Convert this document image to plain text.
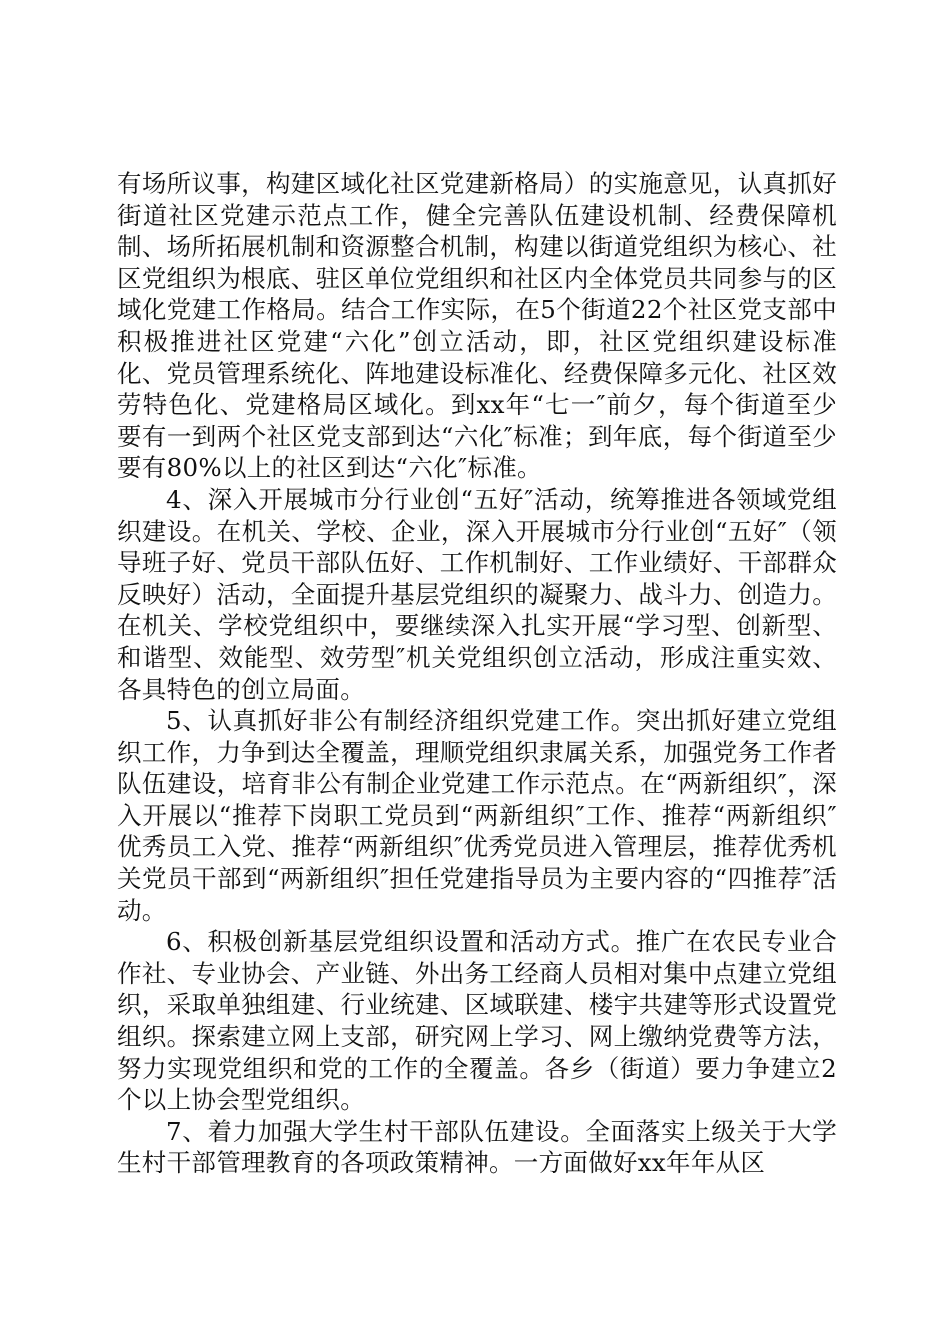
有场所议事，构建区域化社区党建新格局）的实施意见，认真抓好街道社区党建示范点工作，健全完善队伍建设机制、经费保障机制、场所拓展机制和资源整合机制，构建以街道党组织为核心、社区党组织为根底、驻区单位党组织和社区内全体党员共同参与的区域化党建工作格局。结合工作实际，在5个街道22个社区党支部中积极推进社区党建“六化”创立活动，即，社区党组织建设标准化、党员管理系统化、阵地建设标准化、经费保障多元化、社区效劳特色化、党建格局区域化。到xx年“七一″前夕，每个街道至少要有一到两个社区党支部到达“六化″标准；到年底，每个街道至少要有80%以上的社区到达“六化″标准。

4、深入开展城市分行业创“五好″活动，统筹推进各领域党组织建设。在机关、学校、企业，深入开展城市分行业创“五好″（领导班子好、党员干部队伍好、工作机制好、工作业绩好、干部群众反映好）活动，全面提升基层党组织的凝聚力、战斗力、创造力。在机关、学校党组织中，要继续深入扎实开展“学习型、创新型、和谐型、效能型、效劳型″机关党组织创立活动，形成注重实效、各具特色的创立局面。

5、认真抓好非公有制经济组织党建工作。突出抓好建立党组织工作，力争到达全覆盖，理顺党组织隶属关系，加强党务工作者队伍建设，培育非公有制企业党建工作示范点。在“两新组织″，深入开展以“推荐下岗职工党员到“两新组织″工作、推荐“两新组织″优秀员工入党、推荐“两新组织″优秀党员进入管理层，推荐优秀机关党员干部到“两新组织″担任党建指导员为主要内容的“四推荐″活动。

6、积极创新基层党组织设置和活动方式。推广在农民专业合作社、专业协会、产业链、外出务工经商人员相对集中点建立党组织，采取单独组建、行业统建、区域联建、楼宇共建等形式设置党组织。探索建立网上支部，研究网上学习、网上缴纳党费等方法，努力实现党组织和党的工作的全覆盖。各乡（街道）要力争建立2个以上协会型党组织。

7、着力加强大学生村干部队伍建设。全面落实上级关于大学生村干部管理教育的各项政策精神。一方面做好xx年年从区
